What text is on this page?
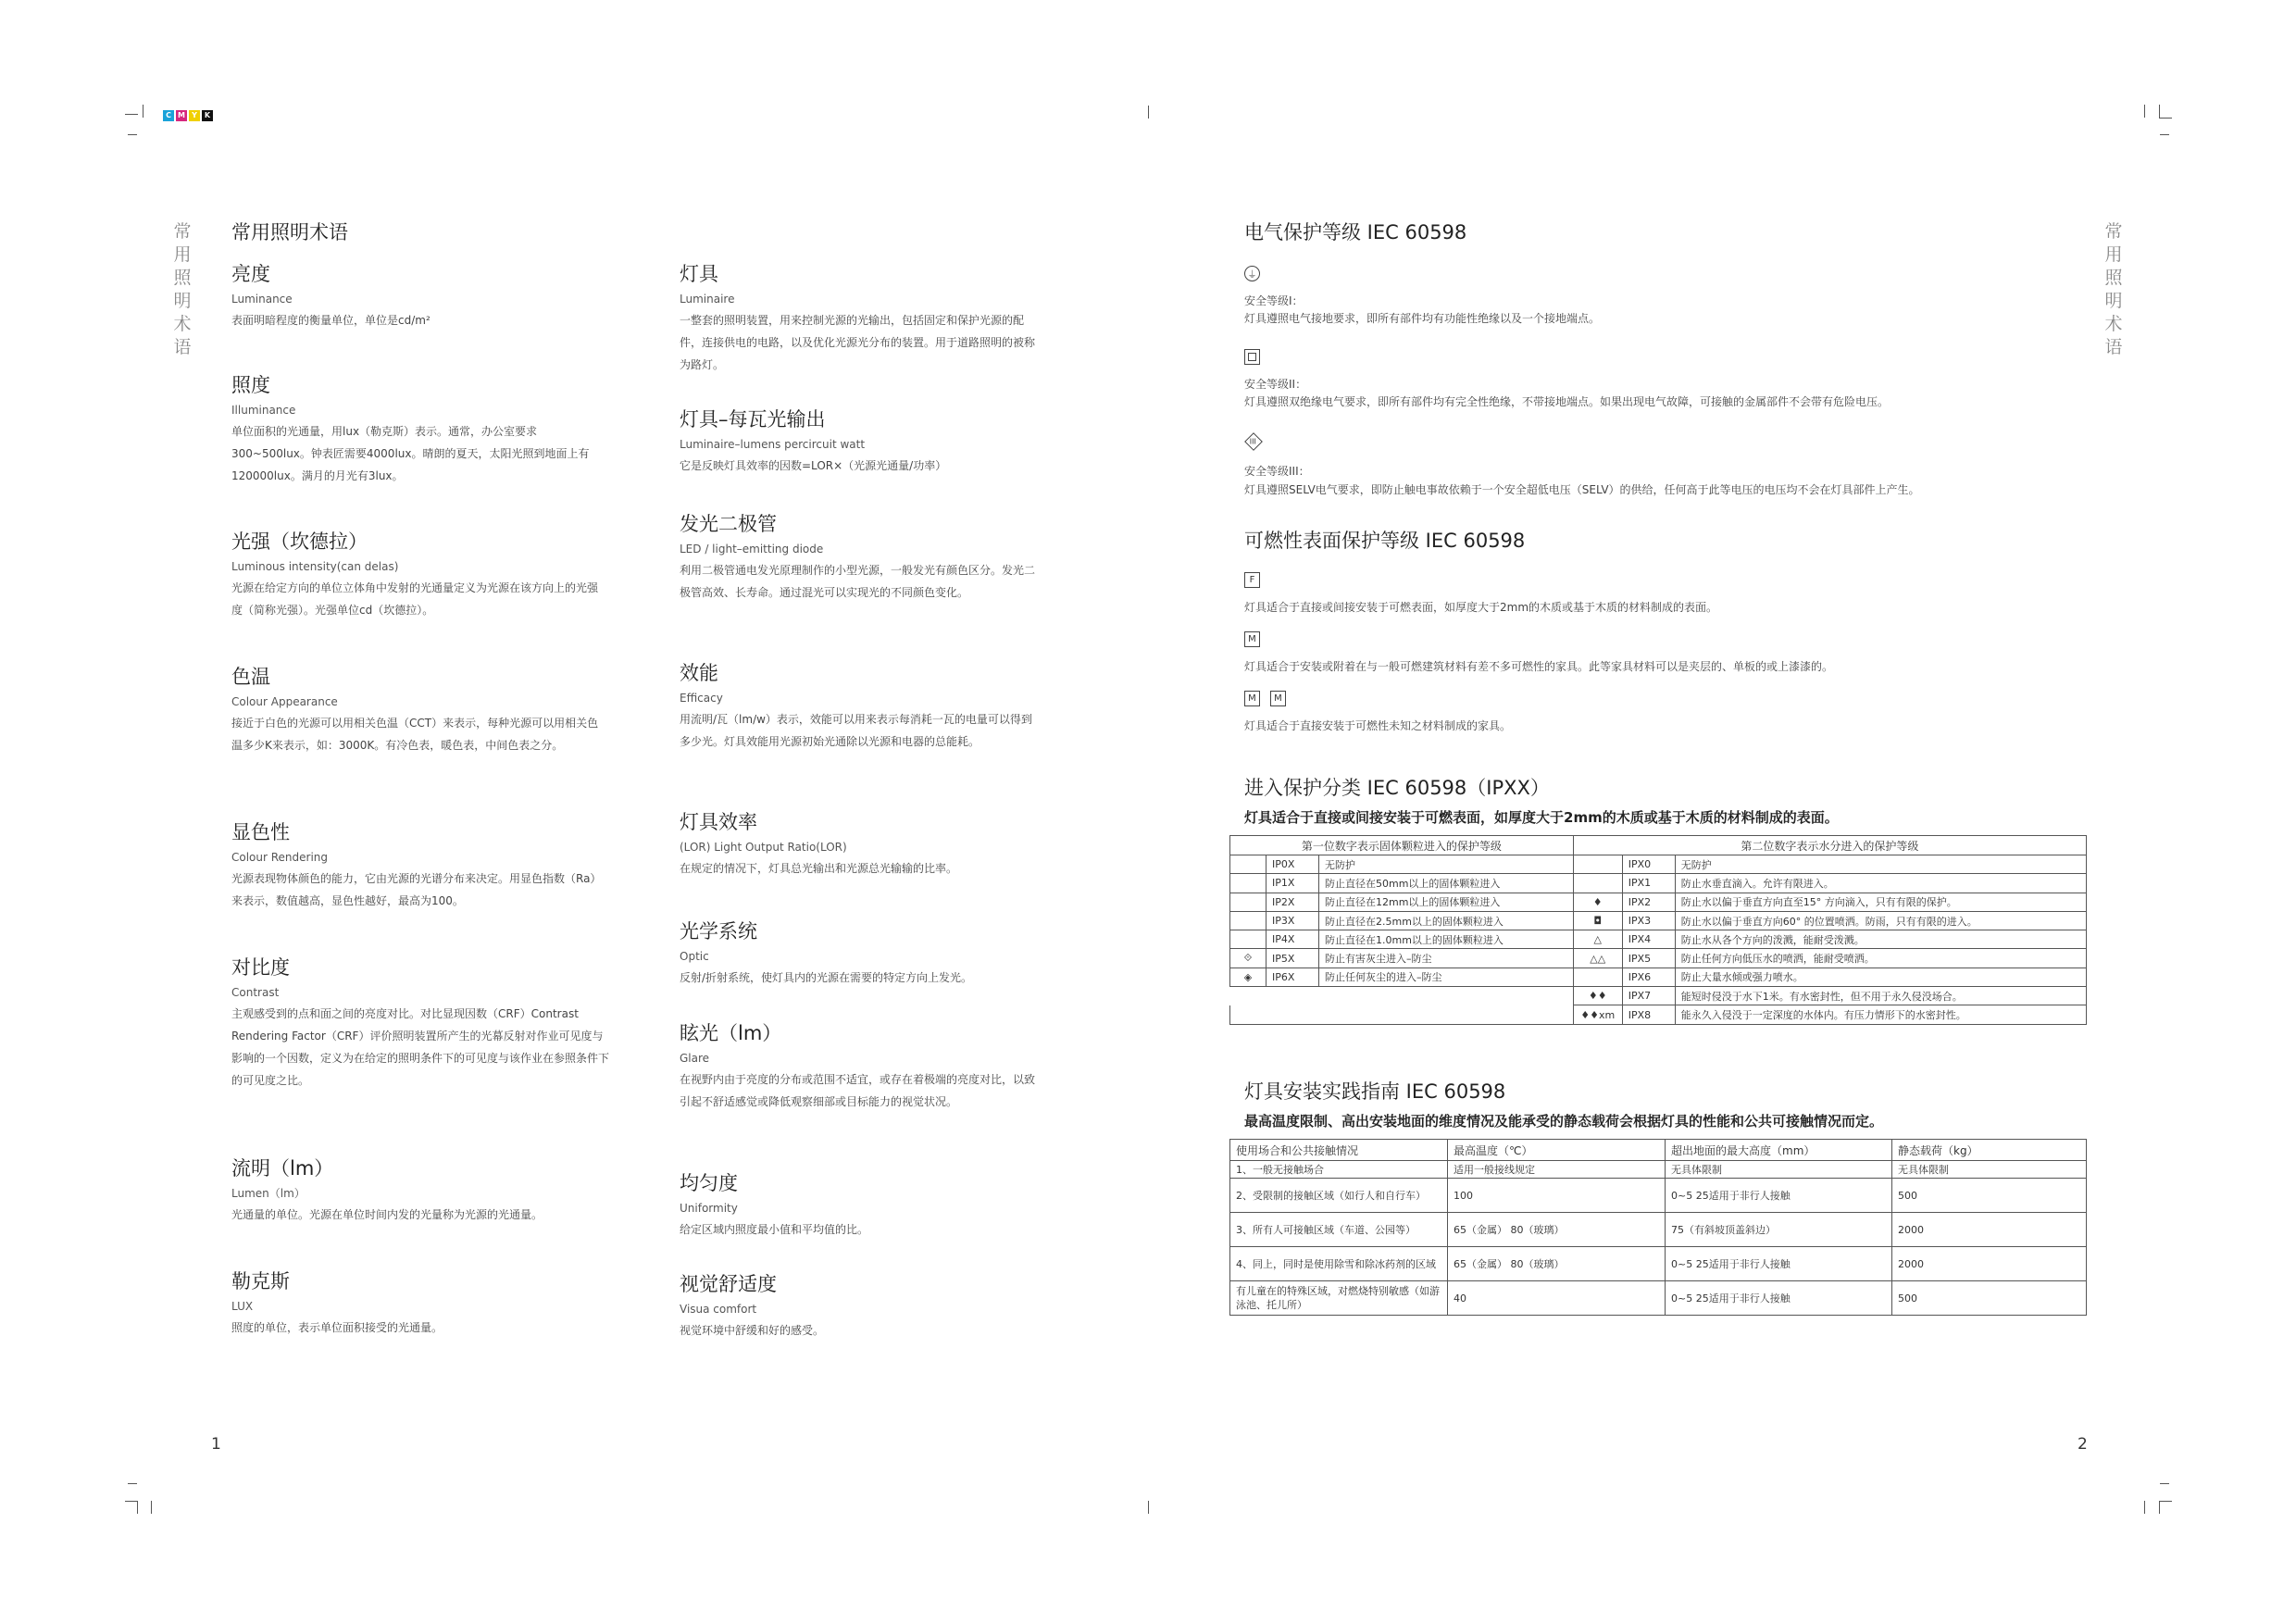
C M Y	K
常
用
照
明
术
语
常
用
照
明
术
语
1	2
常用照明术语
亮度
Luminance

表面明暗程度的衡量单位，单位是cd/m²

照度
Illuminance

单位面积的光通量，用lux（勒克斯）表示。通常，办公室要求300~500lux。钟表匠需要4000lux。晴朗的夏天，太阳光照到地面上有120000lux。满月的月光有3lux。

光强（坎德拉）
Luminous intensity(can delas)

光源在给定方向的单位立体角中发射的光通量定义为光源在该方向上的光强度（简称光强）。光强单位cd（坎德拉）。

色温
Colour Appearance

接近于白色的光源可以用相关色温（CCT）来表示，每种光源可以用相关色温多少K来表示，如：3000K。有冷色表，暖色表，中间色表之分。

显色性
Colour Rendering

光源表现物体颜色的能力，它由光源的光谱分布来决定。用显色指数（Ra）来表示，数值越高，显色性越好，最高为100。

对比度
Contrast

主观感受到的点和面之间的亮度对比。对比显现因数（CRF）Contrast Rendering Factor（CRF）评价照明装置所产生的光幕反射对作业可见度与影响的一个因数，定义为在给定的照明条件下的可见度与该作业在参照条件下的可见度之比。

流明（lm）
Lumen（lm）

光通量的单位。光源在单位时间内发的光量称为光源的光通量。

勒克斯
LUX

照度的单位，表示单位面积接受的光通量。

灯具
Luminaire

一整套的照明装置，用来控制光源的光输出，包括固定和保护光源的配件，连接供电的电路，以及优化光源光分布的装置。用于道路照明的被称为路灯。

灯具–每瓦光输出
Luminaire–lumens percircuit watt

它是反映灯具效率的因数=LOR×（光源光通量/功率）

发光二极管
LED / light–emitting diode

利用二极管通电发光原理制作的小型光源，一般发光有颜色区分。发光二极管高效、长寿命。通过混光可以实现光的不同颜色变化。

效能
Efficacy

用流明/瓦（lm/w）表示，效能可以用来表示每消耗一瓦的电量可以得到多少光。灯具效能用光源初始光通除以光源和电器的总能耗。

灯具效率
(LOR) Light Output Ratio(LOR)

在规定的情况下，灯具总光输出和光源总光输输的比率。

光学系统
Optic

反射/折射系统，使灯具内的光源在需要的特定方向上发光。

眩光（lm）
Glare

在视野内由于亮度的分布或范围不适宜，或存在着极端的亮度对比，以致引起不舒适感觉或降低观察细部或目标能力的视觉状况。

均匀度
Uniformity

给定区域内照度最小值和平均值的比。

视觉舒适度
Visua comfort

视觉环境中舒缓和好的感受。

电气保护等级 IEC 60598
⏚
安全等级I：
灯具遵照电气接地要求，即所有部件均有功能性绝缘以及一个接地端点。
安全等级II：
灯具遵照双绝缘电气要求，即所有部件均有完全性绝缘，不带接地端点。如果出现电气故障，可接触的金属部件不会带有危险电压。
III
安全等级III：
灯具遵照SELV电气要求，即防止触电事故依赖于一个安全超低电压（SELV）的供给，任何高于此等电压的电压均不会在灯具部件上产生。
可燃性表面保护等级 IEC 60598
F
灯具适合于直接或间接安装于可燃表面，如厚度大于2mm的木质或基于木质的材料制成的表面。
M
灯具适合于安装或附着在与一般可燃建筑材料有差不多可燃性的家具。此等家具材料可以是夹层的、单板的或上漆漆的。
M	M
灯具适合于直接安装于可燃性未知之材料制成的家具。
进入保护分类 IEC 60598（IPXX）
灯具适合于直接或间接安装于可燃表面，如厚度大于2mm的木质或基于木质的材料制成的表面。
第一位数字表示固体颗粒进入的保护等级			第二位数字表示水分进入的保护等级		
	IP0X	无防护		IPX0	无防护
	IP1X	防止直径在50mm以上的固体颗粒进入		IPX1	防止水垂直滴入。允许有限进入。
	IP2X	防止直径在12mm以上的固体颗粒进入	♦	IPX2	防止水以偏于垂直方向直至15° 方向滴入，只有有限的保护。
	IP3X	防止直径在2.5mm以上的固体颗粒进入	◘	IPX3	防止水以偏于垂直方向60° 的位置喷洒。防雨，只有有限的进入。
	IP4X	防止直径在1.0mm以上的固体颗粒进入	△	IPX4	防止水从各个方向的泼溅，能耐受泼溅。
⟐	IP5X	防止有害灰尘进入–防尘	△△	IPX5	防止任何方向低压水的喷洒，能耐受喷洒。
◈	IP6X	防止任何灰尘的进入–防尘		IPX6	防止大量水倾或强力喷水。
			♦♦	IPX7	能短时侵没于水下1米。有水密封性，但不用于永久侵没场合。
			♦♦xm	IPX8	能永久入侵没于一定深度的水体内。有压力情形下的水密封性。
灯具安装实践指南 IEC 60598
最高温度限制、高出安装地面的维度情况及能承受的静态载荷会根据灯具的性能和公共可接触情况而定。
使用场合和公共接触情况	最高温度（℃）	超出地面的最大高度（mm）	静态载荷（kg）
1、一般无接触场合	适用一般接线规定	无具体限制	无具体限制
2、受限制的接触区域（如行人和自行车）	100	0~5 25适用于非行人接触	500
3、所有人可接触区域（车道、公园等）	65（金属） 80（玻璃）	75（有斜坡顶盖斜边）	2000
4、同上，同时是使用除雪和除冰药剂的区域	65（金属） 80（玻璃）	0~5 25适用于非行人接触	2000
有儿童在的特殊区域，对燃烧特别敏感（如游泳池、托儿所）	40	0~5 25适用于非行人接触	500
